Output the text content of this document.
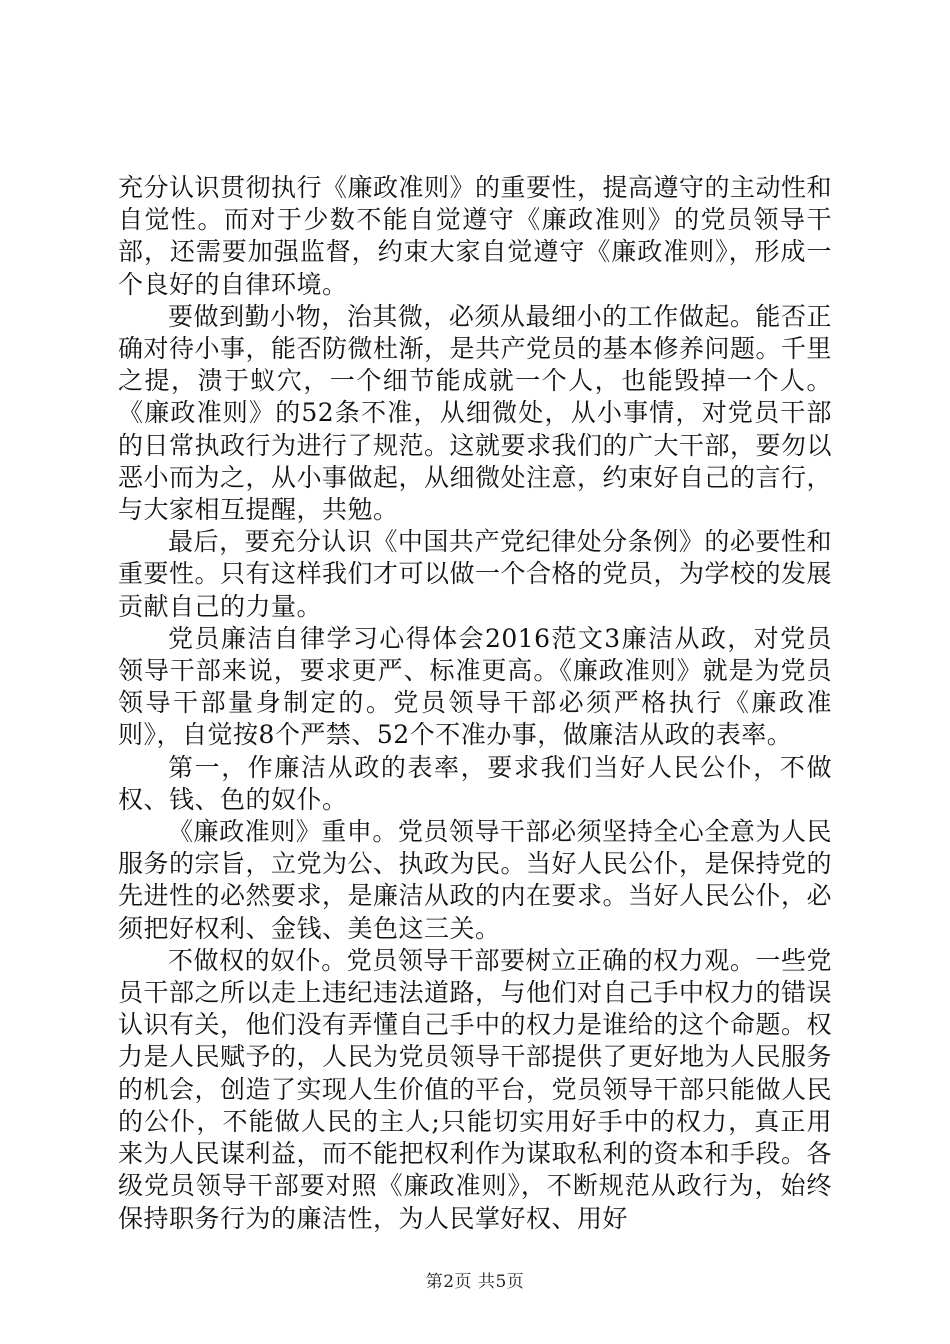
充分认识贯彻执行《廉政准则》的重要性，提高遵守的主动性和自觉性。而对于少数不能自觉遵守《廉政准则》的党员领导干部，还需要加强监督，约束大家自觉遵守《廉政准则》，形成一个良好的自律环境。

要做到勤小物，治其微，必须从最细小的工作做起。能否正确对待小事，能否防微杜渐，是共产党员的基本修养问题。千里之提，溃于蚁穴，一个细节能成就一个人，也能毁掉一个人。《廉政准则》的52条不准，从细微处，从小事情，对党员干部的日常执政行为进行了规范。这就要求我们的广大干部，要勿以恶小而为之，从小事做起，从细微处注意，约束好自己的言行，与大家相互提醒，共勉。

最后，要充分认识《中国共产党纪律处分条例》的必要性和重要性。只有这样我们才可以做一个合格的党员，为学校的发展贡献自己的力量。

党员廉洁自律学习心得体会2016范文3廉洁从政，对党员领导干部来说，要求更严、标准更高。《廉政准则》就是为党员领导干部量身制定的。党员领导干部必须严格执行《廉政准则》，自觉按8个严禁、52个不准办事，做廉洁从政的表率。

第一，作廉洁从政的表率，要求我们当好人民公仆，不做权、钱、色的奴仆。

《廉政准则》重申。党员领导干部必须坚持全心全意为人民服务的宗旨，立党为公、执政为民。当好人民公仆，是保持党的先进性的必然要求，是廉洁从政的内在要求。当好人民公仆，必须把好权利、金钱、美色这三关。

不做权的奴仆。党员领导干部要树立正确的权力观。一些党员干部之所以走上违纪违法道路，与他们对自己手中权力的错误认识有关，他们没有弄懂自己手中的权力是谁给的这个命题。权力是人民赋予的，人民为党员领导干部提供了更好地为人民服务的机会，创造了实现人生价值的平台，党员领导干部只能做人民的公仆，不能做人民的主人;只能切实用好手中的权力，真正用来为人民谋利益，而不能把权利作为谋取私利的资本和手段。各级党员领导干部要对照《廉政准则》，不断规范从政行为，始终保持职务行为的廉洁性，为人民掌好权、用好

第2页 共5页
